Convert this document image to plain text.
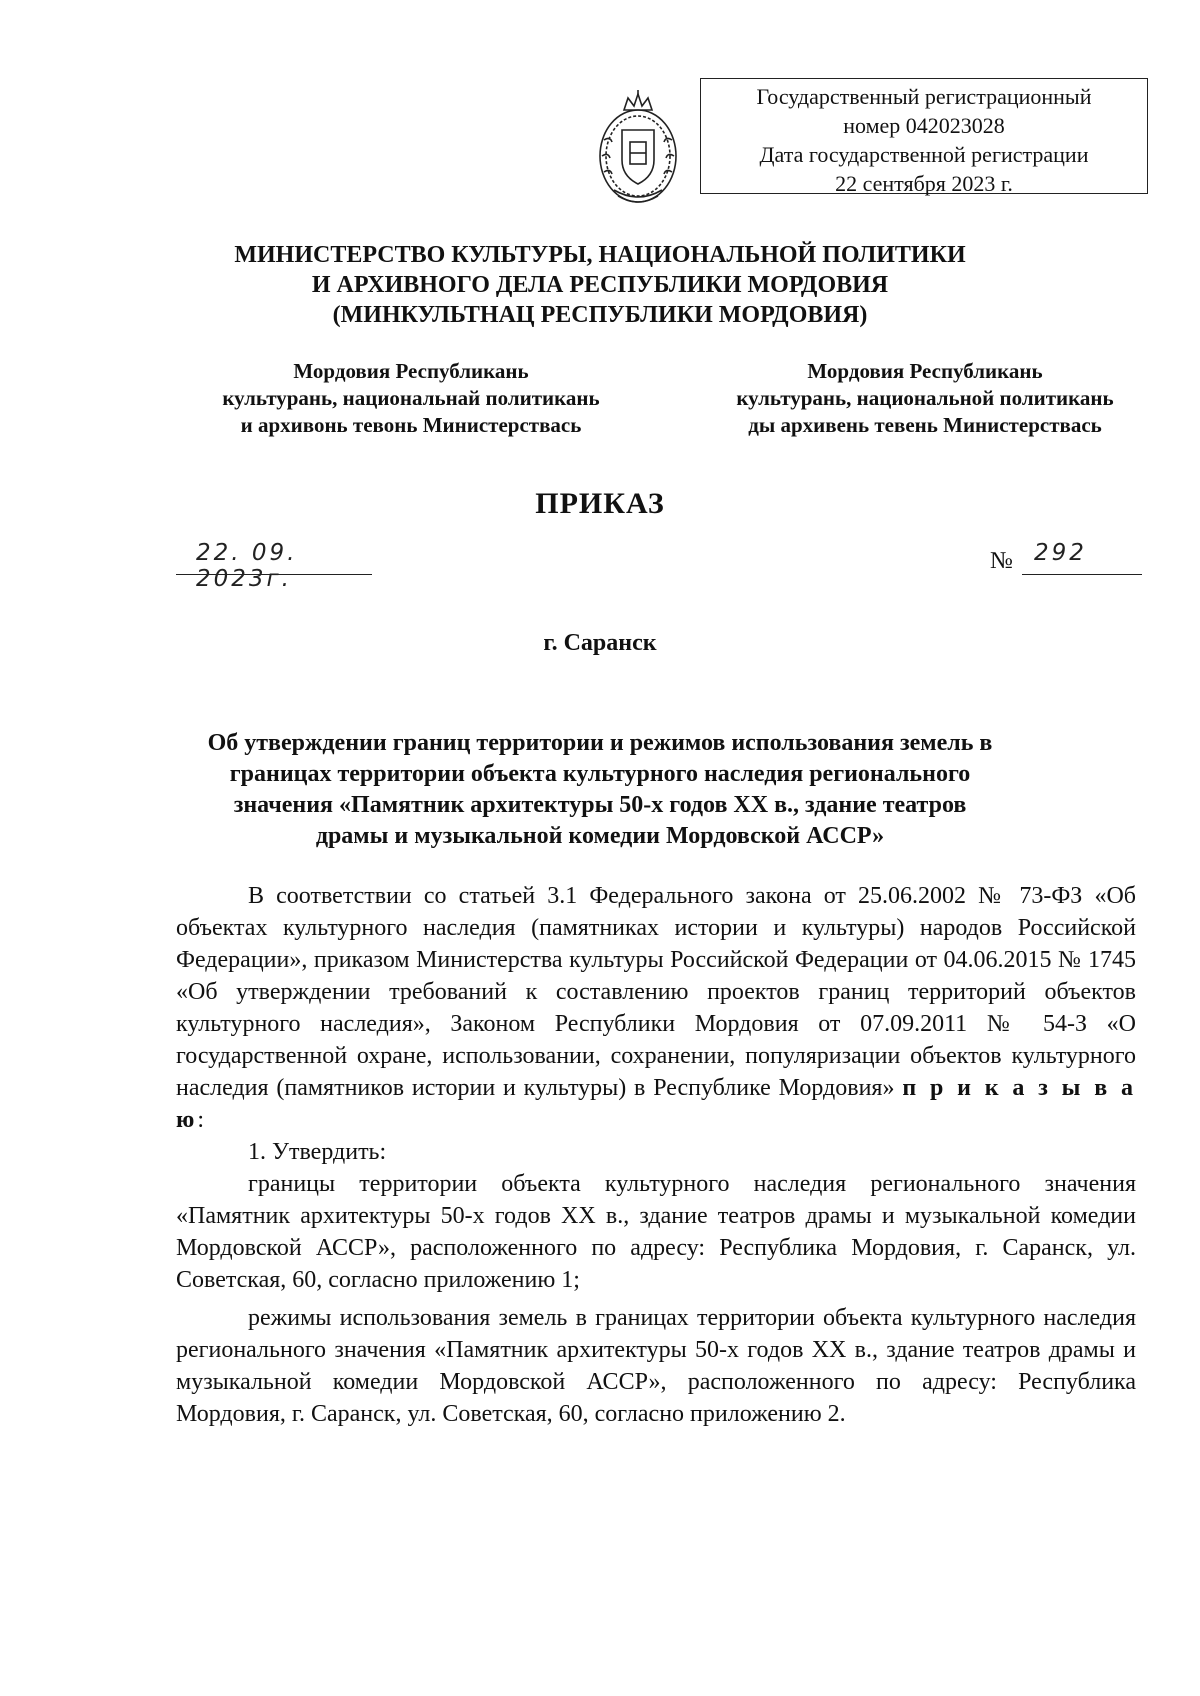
Государственный регистрационный
номер 042023028
Дата государственной регистрации
22 сентября 2023 г.
МИНИСТЕРСТВО КУЛЬТУРЫ, НАЦИОНАЛЬНОЙ ПОЛИТИКИ
И АРХИВНОГО ДЕЛА РЕСПУБЛИКИ МОРДОВИЯ
(МИНКУЛЬТНАЦ РЕСПУБЛИКИ МОРДОВИЯ)
Мордовия Республикань
культурань, национальнай политикань
и архивонь тевонь Министерствась
Мордовия Республикань
культурань, национальной политикань
ды архивень тевень Министерствась
ПРИКАЗ
22. 09. 2023г.
№ 292
г. Саранск
Об утверждении границ территории и режимов использования земель в
границах территории объекта культурного наследия регионального
значения «Памятник архитектуры 50-х годов XX в., здание театров
драмы и музыкальной комедии Мордовской АССР»

В соответствии со статьей 3.1 Федерального закона от 25.06.2002 № 73-ФЗ «Об объектах культурного наследия (памятниках истории и культуры) народов Российской Федерации», приказом Министерства культуры Российской Федерации от 04.06.2015 № 1745 «Об утверждении требований к составлению проектов границ территорий объектов культурного наследия», Законом Республики Мордовия от 07.09.2011 № 54-З «О государственной охране, использовании, сохранении, популяризации объектов культурного наследия (памятников истории и культуры) в Республике Мордовия» п р и к а з ы в а ю:

1. Утвердить:

границы территории объекта культурного наследия регионального значения «Памятник архитектуры 50-х годов XX в., здание театров драмы и музыкальной комедии Мордовской АССР», расположенного по адресу: Республика Мордовия, г. Саранск, ул. Советская, 60, согласно приложению 1;

режимы использования земель в границах территории объекта культурного наследия регионального значения «Памятник архитектуры 50-х годов XX в., здание театров драмы и музыкальной комедии Мордовской АССР», расположенного по адресу: Республика Мордовия, г. Саранск, ул. Советская, 60, согласно приложению 2.
